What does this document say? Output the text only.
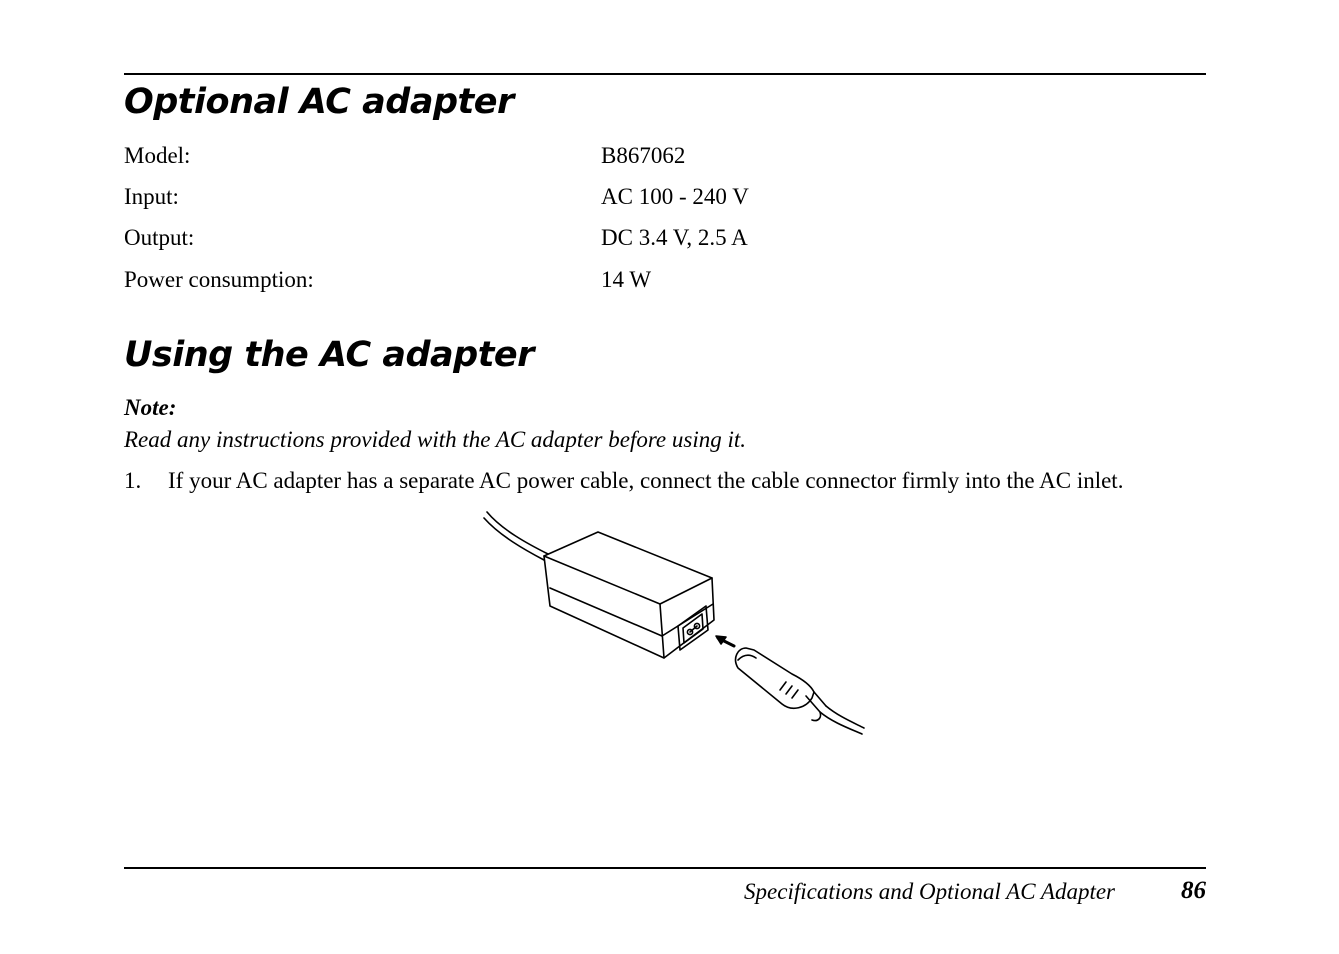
Optional AC adapter
Model:	B867062
Input:	AC 100 - 240 V
Output:	DC 3.4 V, 2.5 A
Power consumption:	14 W
Using the AC adapter
Note:
Read any instructions provided with the AC adapter before using it.
1. If your AC adapter has a separate AC power cable, connect the cable connector firmly into the AC inlet.
Specifications and Optional AC Adapter	86
